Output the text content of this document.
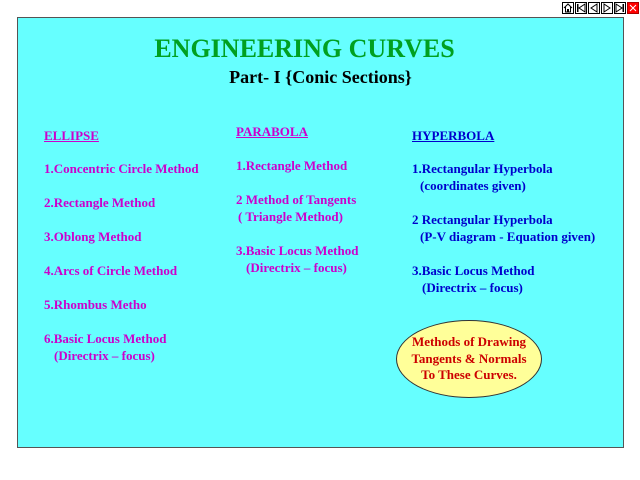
ENGINEERING CURVES
Part- I {Conic Sections}
ELLIPSE
1.Concentric Circle Method
2.Rectangle Method
3.Oblong Method
4.Arcs of Circle Method
5.Rhombus Metho
6.Basic Locus Method
(Directrix – focus)
PARABOLA
1.Rectangle Method
2 Method of Tangents
( Triangle Method)
3.Basic Locus Method
(Directrix – focus)
HYPERBOLA
1.Rectangular Hyperbola
(coordinates given)
2 Rectangular Hyperbola
(P-V diagram - Equation given)
3.Basic Locus Method
(Directrix – focus)
Methods of Drawing
Tangents & Normals
To These Curves.
